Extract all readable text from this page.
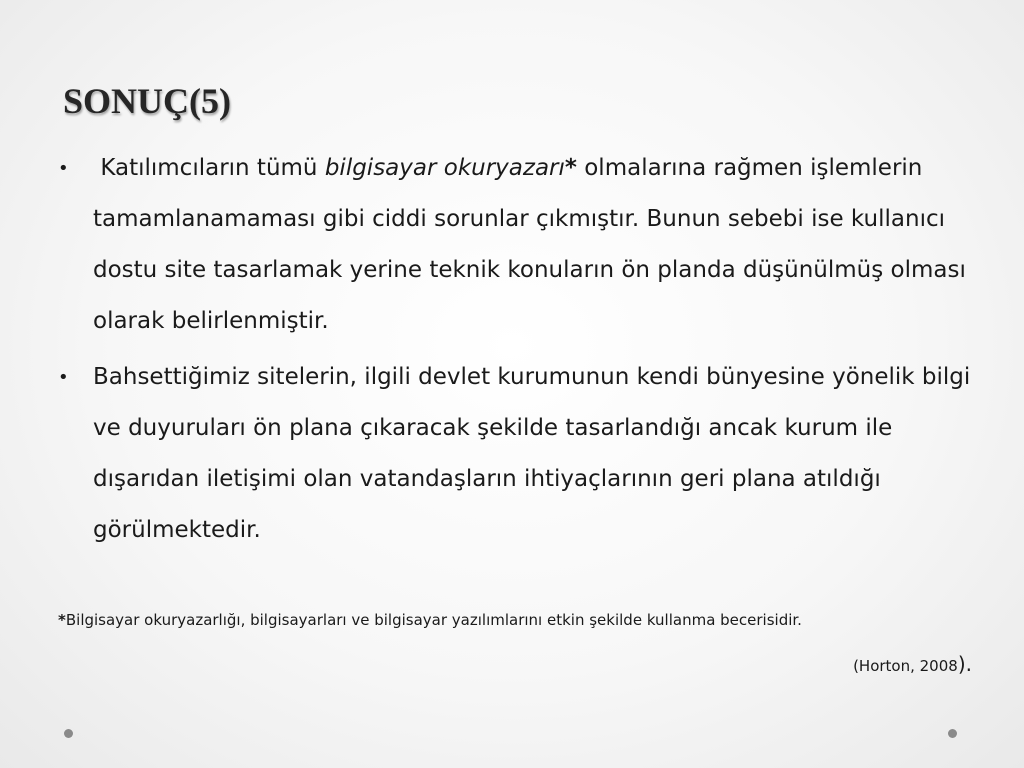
SONUÇ(5)
• Katılımcıların tümü bilgisayar okuryazarı* olmalarına rağmen işlemlerin tamamlanamaması gibi ciddi sorunlar çıkmıştır. Bunun sebebi ise kullanıcı dostu site tasarlamak yerine teknik konuların ön planda düşünülmüş olması olarak belirlenmiştir.
• Bahsettiğimiz sitelerin, ilgili devlet kurumunun kendi bünyesine yönelik bilgi ve duyuruları ön plana çıkaracak şekilde tasarlandığı ancak kurum ile dışarıdan iletişimi olan vatandaşların ihtiyaçlarının geri plana atıldığı görülmektedir.
*Bilgisayar okuryazarlığı, bilgisayarları ve bilgisayar yazılımlarını etkin şekilde kullanma becerisidir.
(Horton, 2008).
